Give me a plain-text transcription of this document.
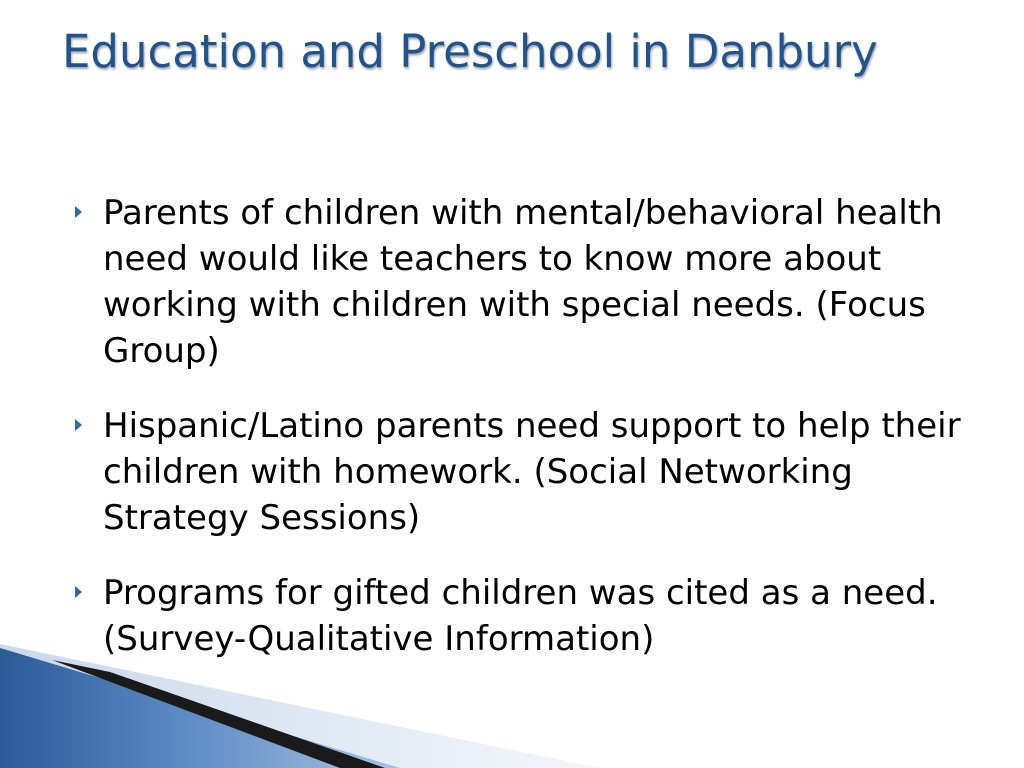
Education and Preschool in Danbury
Parents of children with mental/behavioral health need would like teachers to know more about working with children with special needs. (Focus Group)
Hispanic/Latino parents need support to help their children with homework. (Social Networking Strategy Sessions)
Programs for gifted children was cited as a need. (Survey-Qualitative Information)
